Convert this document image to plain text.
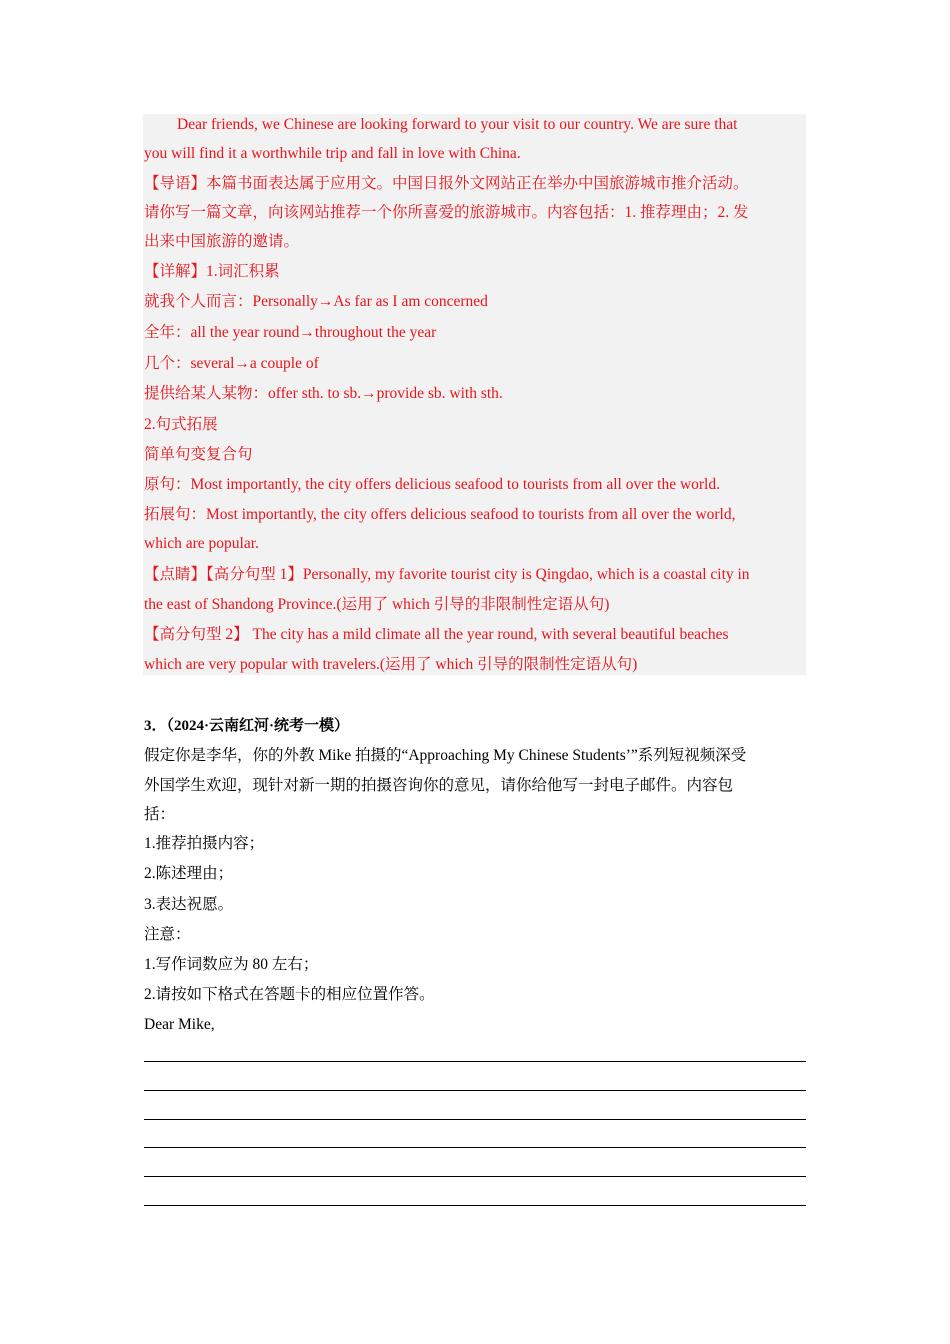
Dear friends, we Chinese are looking forward to your visit to our country. We are sure that
you will find it a worthwhile trip and fall in love with China.
【导语】本篇书面表达属于应用文。中国日报外文网站正在举办中国旅游城市推介活动。
请你写一篇文章，向该网站推荐一个你所喜爱的旅游城市。内容包括：1. 推荐理由；2. 发
出来中国旅游的邀请。
【详解】1.词汇积累
就我个人而言：Personally→As far as I am concerned
全年：all the year round→throughout the year
几个：several→a couple of
提供给某人某物：offer sth. to sb.→provide sb. with sth.
2.句式拓展
简单句变复合句
原句：Most importantly, the city offers delicious seafood to tourists from all over the world.
拓展句：Most importantly, the city offers delicious seafood to tourists from all over the world,
which are popular.
【点睛】【高分句型 1】Personally, my favorite tourist city is Qingdao, which is a coastal city in
the east of Shandong Province.(运用了 which 引导的非限制性定语从句)
【高分句型 2】 The city has a mild climate all the year round, with several beautiful beaches
which are very popular with travelers.(运用了 which 引导的限制性定语从句)
3．（2024·云南红河·统考一模）
假定你是李华，你的外教 Mike 拍摄的“Approaching My Chinese Students’”系列短视频深受
外国学生欢迎，现针对新一期的拍摄咨询你的意见，请你给他写一封电子邮件。内容包
括：
1.推荐拍摄内容；
2.陈述理由；
3.表达祝愿。
注意：
1.写作词数应为 80 左右；
2.请按如下格式在答题卡的相应位置作答。
Dear Mike,
